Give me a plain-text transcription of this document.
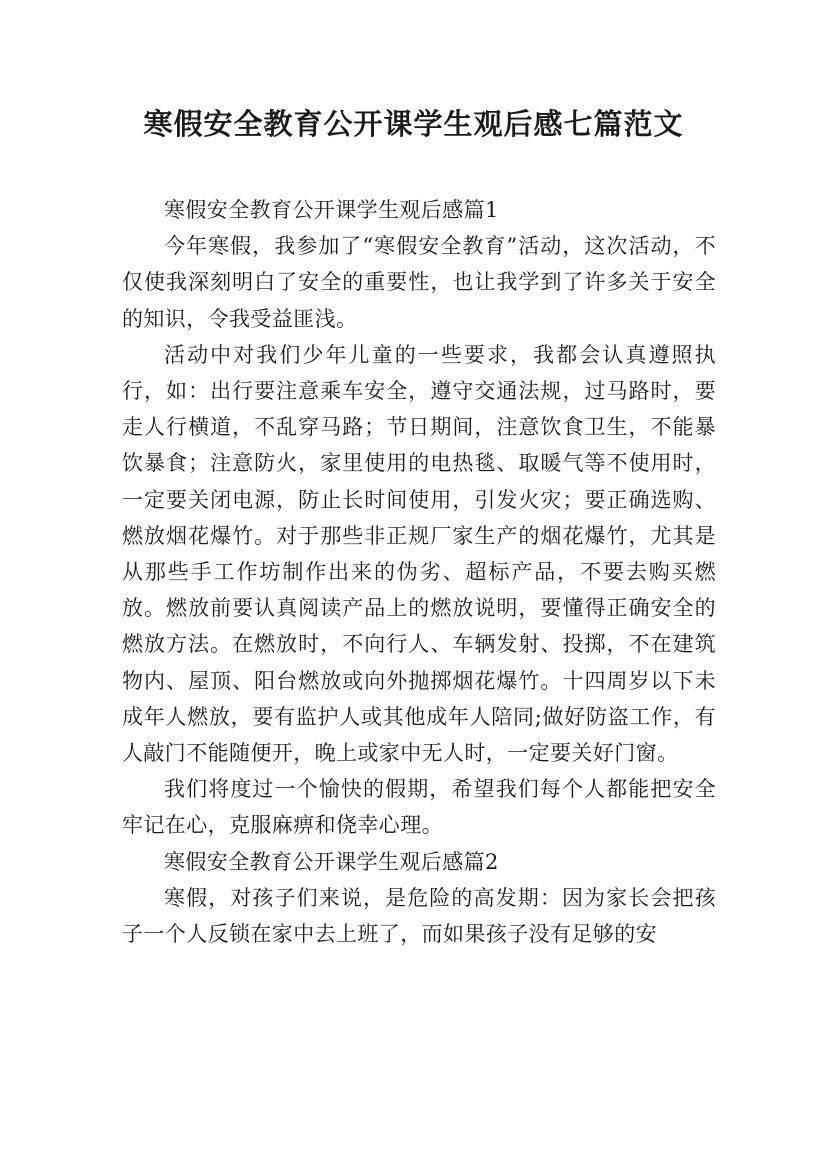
寒假安全教育公开课学生观后感七篇范文

寒假安全教育公开课学生观后感篇1

今年寒假，我参加了“寒假安全教育”活动，这次活动，不仅使我深刻明白了安全的重要性，也让我学到了许多关于安全的知识，令我受益匪浅。

活动中对我们少年儿童的一些要求，我都会认真遵照执行，如：出行要注意乘车安全，遵守交通法规，过马路时，要走人行横道，不乱穿马路；节日期间，注意饮食卫生，不能暴饮暴食；注意防火，家里使用的电热毯、取暖气等不使用时，一定要关闭电源，防止长时间使用，引发火灾；要正确选购、燃放烟花爆竹。对于那些非正规厂家生产的烟花爆竹，尤其是从那些手工作坊制作出来的伪劣、超标产品，不要去购买燃放。燃放前要认真阅读产品上的燃放说明，要懂得正确安全的燃放方法。在燃放时，不向行人、车辆发射、投掷，不在建筑物内、屋顶、阳台燃放或向外抛掷烟花爆竹。十四周岁以下未成年人燃放，要有监护人或其他成年人陪同;做好防盗工作，有人敲门不能随便开，晚上或家中无人时，一定要关好门窗。

我们将度过一个愉快的假期，希望我们每个人都能把安全牢记在心，克服麻痹和侥幸心理。

寒假安全教育公开课学生观后感篇2

寒假，对孩子们来说，是危险的高发期：因为家长会把孩子一个人反锁在家中去上班了，而如果孩子没有足够的安
